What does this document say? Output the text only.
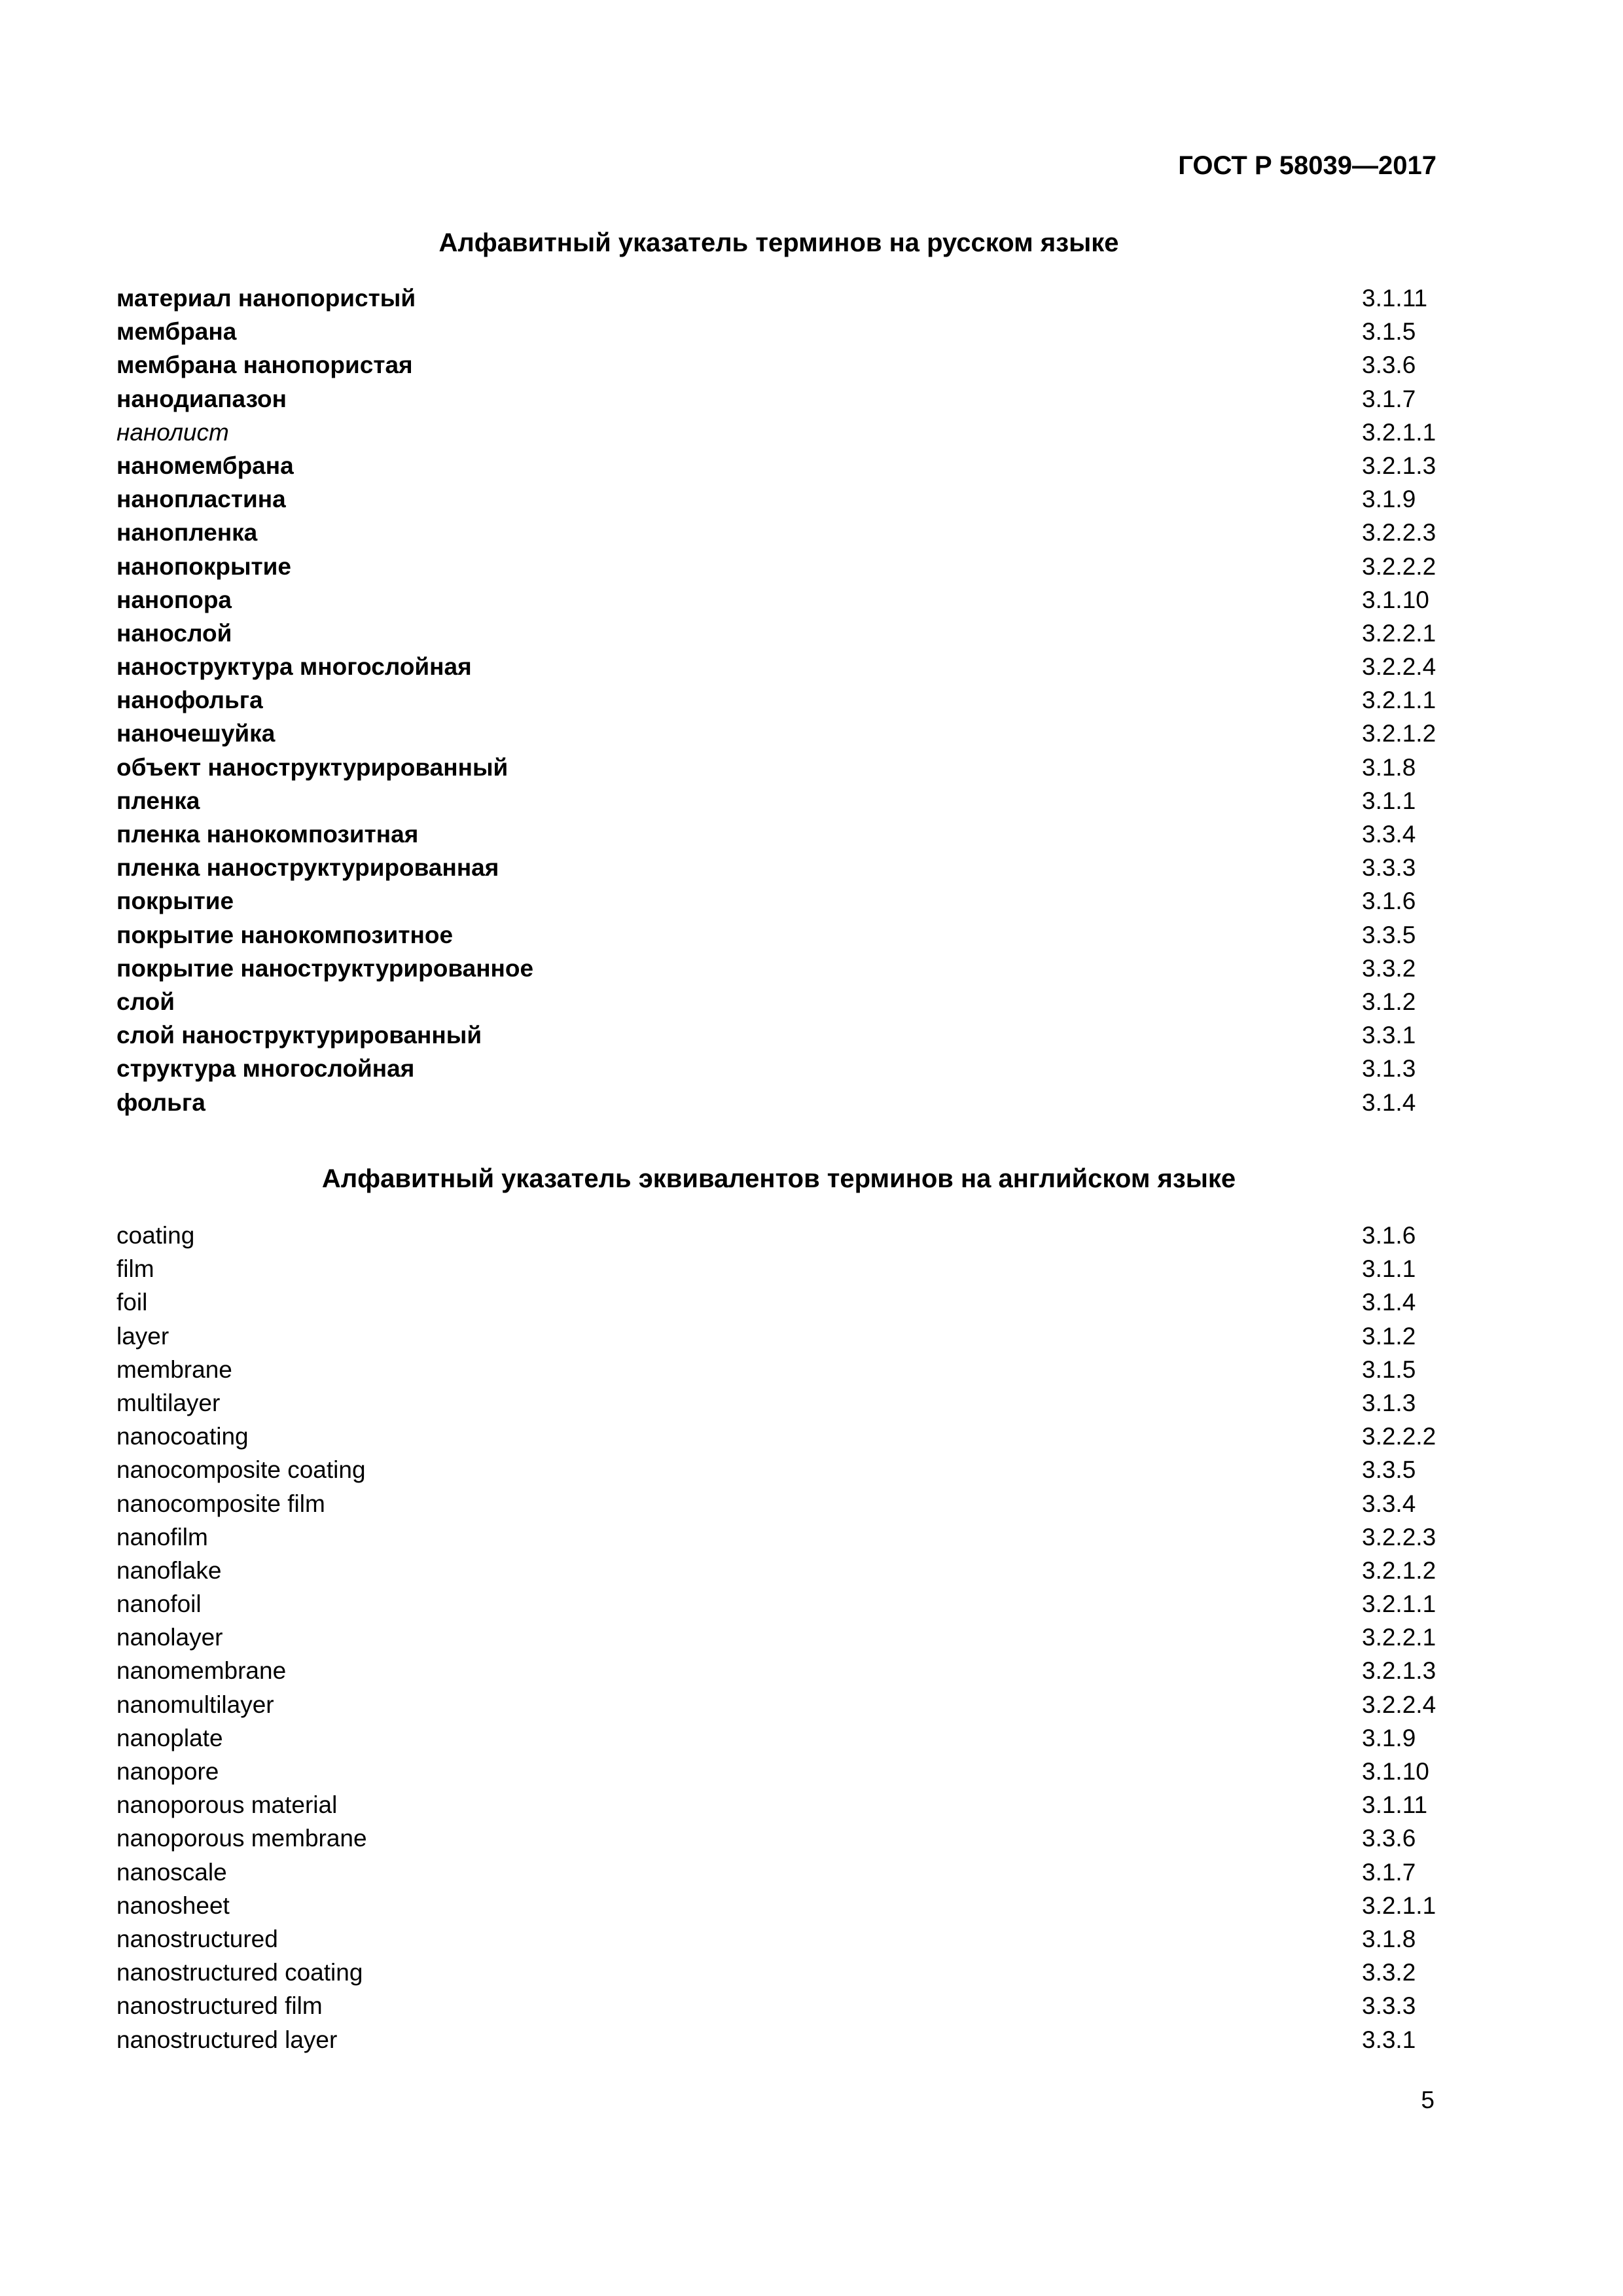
ГОСТ Р 58039—2017
Алфавитный указатель терминов на русском языке
материал нанопористый	3.1.11
мембрана	3.1.5
мембрана нанопористая	3.3.6
нанодиапазон	3.1.7
нанолист	3.2.1.1
наномембрана	3.2.1.3
нанопластина	3.1.9
нанопленка	3.2.2.3
нанопокрытие	3.2.2.2
нанопора	3.1.10
нанослой	3.2.2.1
наноструктура многослойная	3.2.2.4
нанофольга	3.2.1.1
наночешуйка	3.2.1.2
объект наноструктурированный	3.1.8
пленка	3.1.1
пленка нанокомпозитная	3.3.4
пленка наноструктурированная	3.3.3
покрытие	3.1.6
покрытие нанокомпозитное	3.3.5
покрытие наноструктурированное	3.3.2
слой	3.1.2
слой наноструктурированный	3.3.1
структура многослойная	3.1.3
фольга	3.1.4
Алфавитный указатель эквивалентов терминов на английском языке
coating	3.1.6
film	3.1.1
foil	3.1.4
layer	3.1.2
membrane	3.1.5
multilayer	3.1.3
nanocoating	3.2.2.2
nanocomposite coating	3.3.5
nanocomposite film	3.3.4
nanofilm	3.2.2.3
nanoflake	3.2.1.2
nanofoil	3.2.1.1
nanolayer	3.2.2.1
nanomembrane	3.2.1.3
nanomultilayer	3.2.2.4
nanoplate	3.1.9
nanopore	3.1.10
nanoporous material	3.1.11
nanoporous membrane	3.3.6
nanoscale	3.1.7
nanosheet	3.2.1.1
nanostructured	3.1.8
nanostructured coating	3.3.2
nanostructured film	3.3.3
nanostructured layer	3.3.1
5
